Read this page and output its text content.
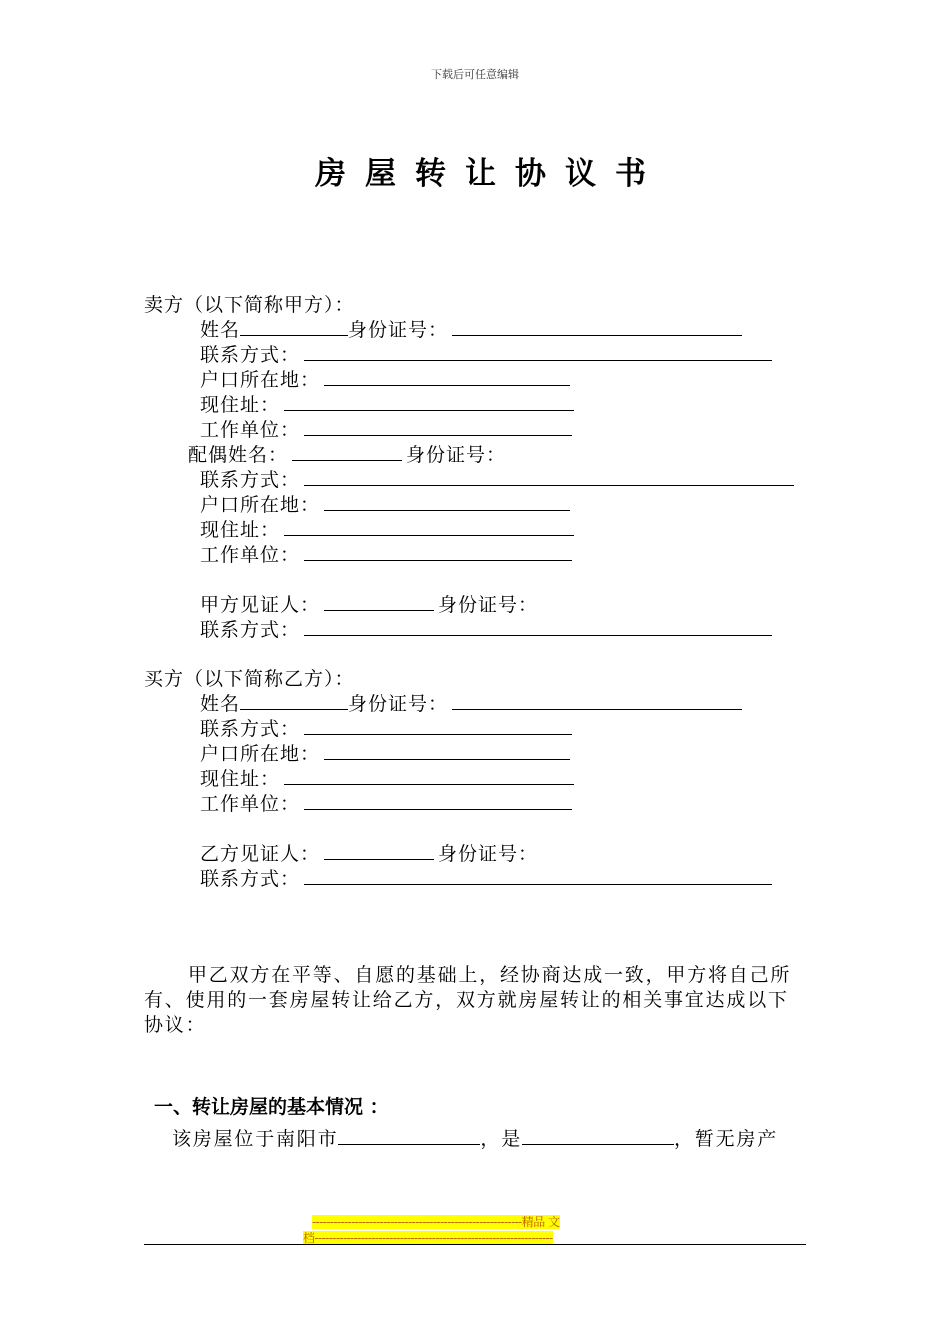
下载后可任意编辑
房屋转让协议书
卖方（以下简称甲方）：
姓名	身份证号：
联系方式：
户口所在地：
现住址：
工作单位：
配偶姓名：	身份证号：
联系方式：
户口所在地：
现住址：
工作单位：
甲方见证人：	身份证号：
联系方式：
买方（以下简称乙方）：
姓名	身份证号：
联系方式：
户口所在地：
现住址：
工作单位：
乙方见证人：	身份证号：
联系方式：
甲乙双方在平等、自愿的基础上，经协商达成一致，甲方将自己所有、使用的一套房屋转让给乙方，双方就房屋转让的相关事宜达成以下协议：
一、转让房屋的基本情况 ：
该房屋位于南阳市	，是	，暂无房产
-----------------------------------------------------------精品 文
档-------------------------------------------------------------------
